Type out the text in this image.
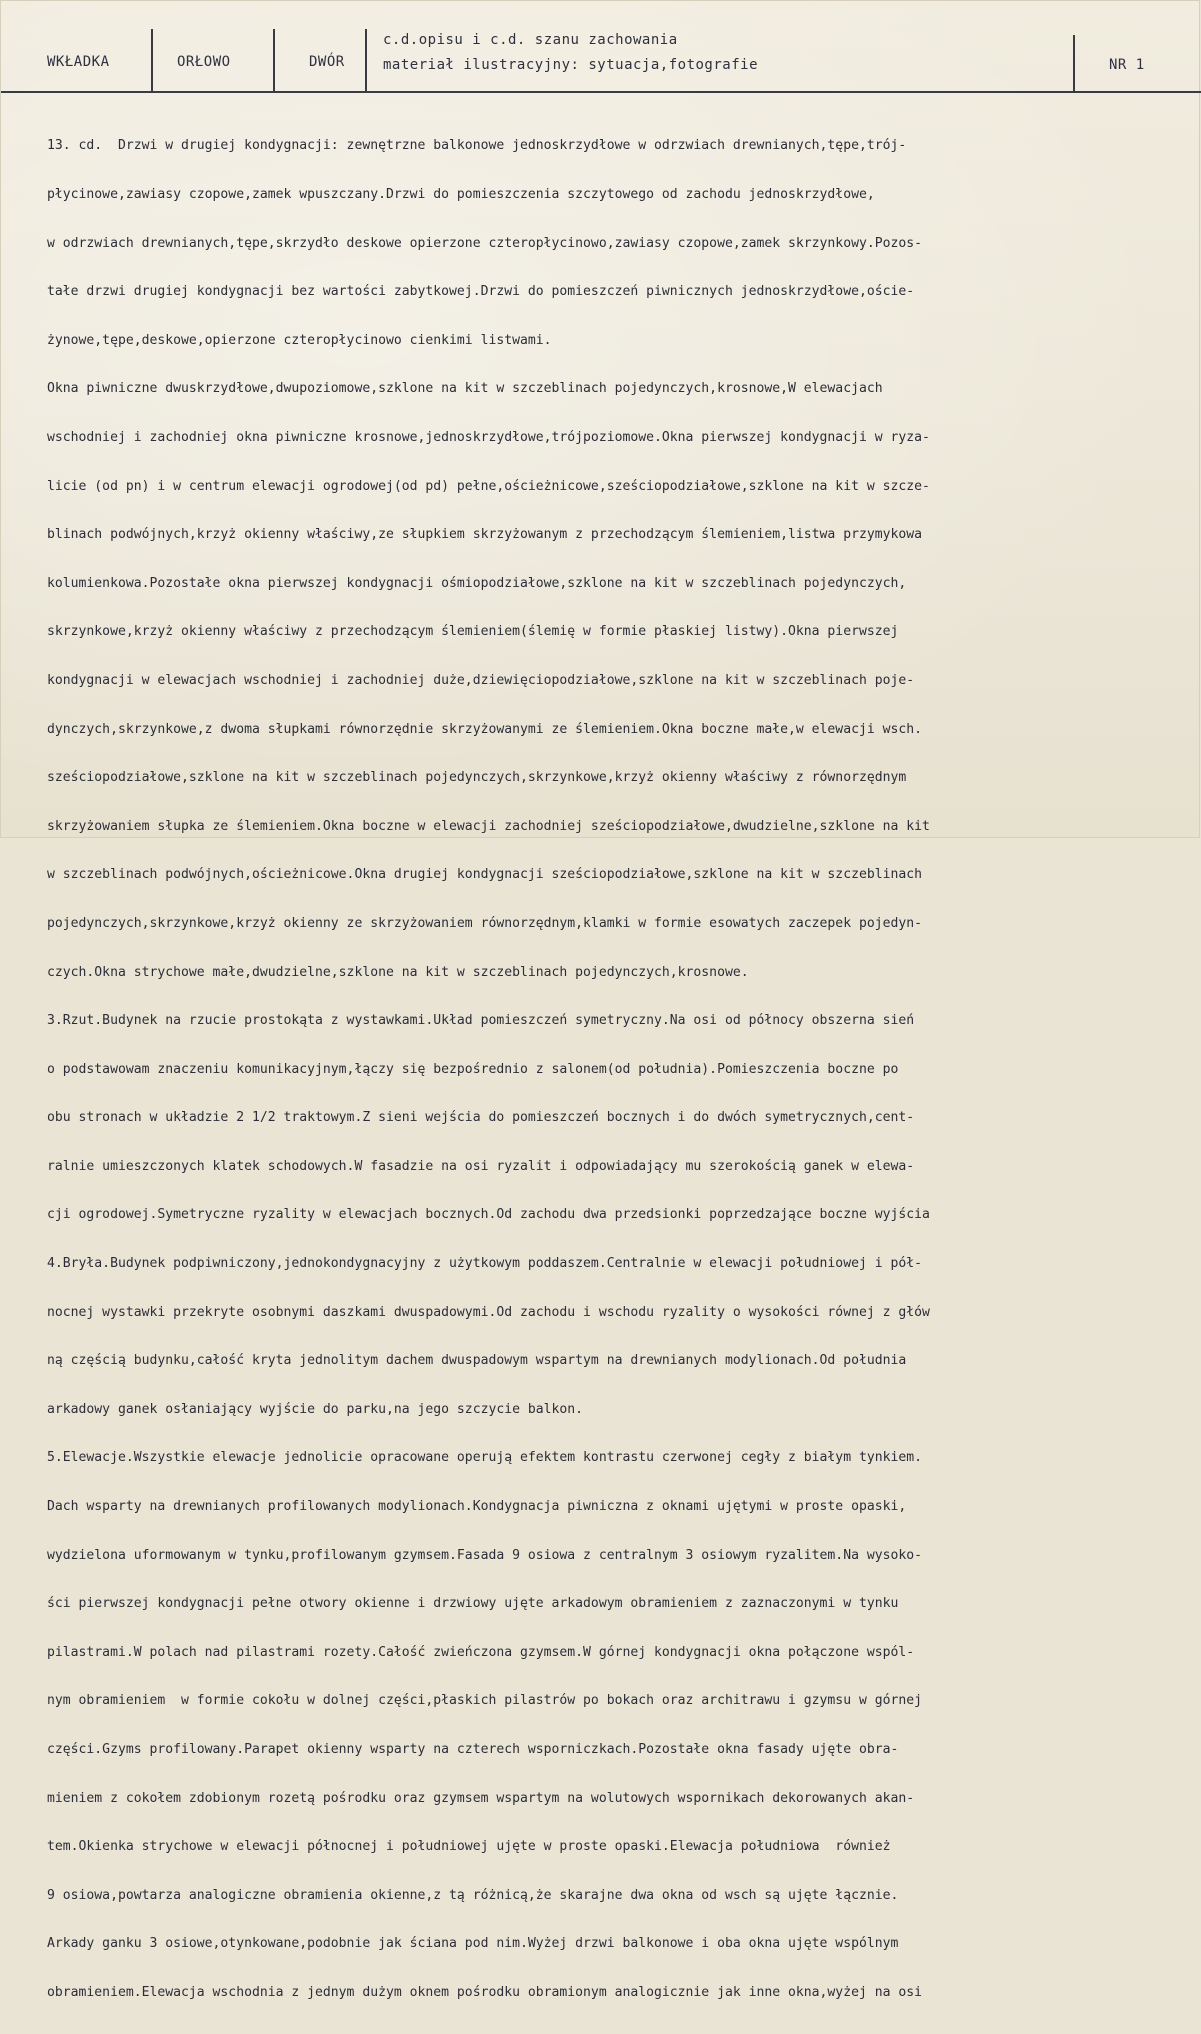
WKŁADKA	ORŁOWO	DWÓR
c.d.opisu i c.d. szanu zachowania
materiał ilustracyjny: sytuacja,fotografie	NR 1

13. cd.  Drzwi w drugiej kondygnacji: zewnętrzne balkonowe jednoskrzydłowe w odrzwiach drewnianych,tępe,trój-

płycinowe,zawiasy czopowe,zamek wpuszczany.Drzwi do pomieszczenia szczytowego od zachodu jednoskrzydłowe,

w odrzwiach drewnianych,tępe,skrzydło deskowe opierzone czteropłycinowo,zawiasy czopowe,zamek skrzynkowy.Pozos-

tałe drzwi drugiej kondygnacji bez wartości zabytkowej.Drzwi do pomieszczeń piwnicznych jednoskrzydłowe,oście-

żynowe,tępe,deskowe,opierzone czteropłycinowo cienkimi listwami.

Okna piwniczne dwuskrzydłowe,dwupoziomowe,szklone na kit w szczeblinach pojedynczych,krosnowe,W elewacjach

wschodniej i zachodniej okna piwniczne krosnowe,jednoskrzydłowe,trójpoziomowe.Okna pierwszej kondygnacji w ryza-

licie (od pn) i w centrum elewacji ogrodowej(od pd) pełne,ościeżnicowe,sześciopodziałowe,szklone na kit w szcze-

blinach podwójnych,krzyż okienny właściwy,ze słupkiem skrzyżowanym z przechodzącym ślemieniem,listwa przymykowa

kolumienkowa.Pozostałe okna pierwszej kondygnacji ośmiopodziałowe,szklone na kit w szczeblinach pojedynczych,

skrzynkowe,krzyż okienny właściwy z przechodzącym ślemieniem(ślemię w formie płaskiej listwy).Okna pierwszej

kondygnacji w elewacjach wschodniej i zachodniej duże,dziewięciopodziałowe,szklone na kit w szczeblinach poje-

dynczych,skrzynkowe,z dwoma słupkami równorzędnie skrzyżowanymi ze ślemieniem.Okna boczne małe,w elewacji wsch.

sześciopodziałowe,szklone na kit w szczeblinach pojedynczych,skrzynkowe,krzyż okienny właściwy z równorzędnym

skrzyżowaniem słupka ze ślemieniem.Okna boczne w elewacji zachodniej sześciopodziałowe,dwudzielne,szklone na kit

w szczeblinach podwójnych,ościeżnicowe.Okna drugiej kondygnacji sześciopodziałowe,szklone na kit w szczeblinach

pojedynczych,skrzynkowe,krzyż okienny ze skrzyżowaniem równorzędnym,klamki w formie esowatych zaczepek pojedyn-

czych.Okna strychowe małe,dwudzielne,szklone na kit w szczeblinach pojedynczych,krosnowe.

3.Rzut.Budynek na rzucie prostokąta z wystawkami.Układ pomieszczeń symetryczny.Na osi od północy obszerna sień

o podstawowam znaczeniu komunikacyjnym,łączy się bezpośrednio z salonem(od południa).Pomieszczenia boczne po

obu stronach w układzie 2 1/2 traktowym.Z sieni wejścia do pomieszczeń bocznych i do dwóch symetrycznych,cent-

ralnie umieszczonych klatek schodowych.W fasadzie na osi ryzalit i odpowiadający mu szerokością ganek w elewa-

cji ogrodowej.Symetryczne ryzality w elewacjach bocznych.Od zachodu dwa przedsionki poprzedzające boczne wyjścia

4.Bryła.Budynek podpiwniczony,jednokondygnacyjny z użytkowym poddaszem.Centralnie w elewacji południowej i pół-

nocnej wystawki przekryte osobnymi daszkami dwuspadowymi.Od zachodu i wschodu ryzality o wysokości równej z głów

ną częścią budynku,całość kryta jednolitym dachem dwuspadowym wspartym na drewnianych modylionach.Od południa

arkadowy ganek osłaniający wyjście do parku,na jego szczycie balkon.

5.Elewacje.Wszystkie elewacje jednolicie opracowane operują efektem kontrastu czerwonej cegły z białym tynkiem.

Dach wsparty na drewnianych profilowanych modylionach.Kondygnacja piwniczna z oknami ujętymi w proste opaski,

wydzielona uformowanym w tynku,profilowanym gzymsem.Fasada 9 osiowa z centralnym 3 osiowym ryzalitem.Na wysoko-

ści pierwszej kondygnacji pełne otwory okienne i drzwiowy ujęte arkadowym obramieniem z zaznaczonymi w tynku

pilastrami.W polach nad pilastrami rozety.Całość zwieńczona gzymsem.W górnej kondygnacji okna połączone wspól-

nym obramieniem  w formie cokołu w dolnej części,płaskich pilastrów po bokach oraz architrawu i gzymsu w górnej

części.Gzyms profilowany.Parapet okienny wsparty na czterech wsporniczkach.Pozostałe okna fasady ujęte obra-

mieniem z cokołem zdobionym rozetą pośrodku oraz gzymsem wspartym na wolutowych wspornikach dekorowanych akan-

tem.Okienka strychowe w elewacji północnej i południowej ujęte w proste opaski.Elewacja południowa  również

9 osiowa,powtarza analogiczne obramienia okienne,z tą różnicą,że skarajne dwa okna od wsch są ujęte łącznie.

Arkady ganku 3 osiowe,otynkowane,podobnie jak ściana pod nim.Wyżej drzwi balkonowe i oba okna ujęte wspólnym

obramieniem.Elewacja wschodnia z jednym dużym oknem pośrodku obramionym analogicznie jak inne okna,wyżej na osi
